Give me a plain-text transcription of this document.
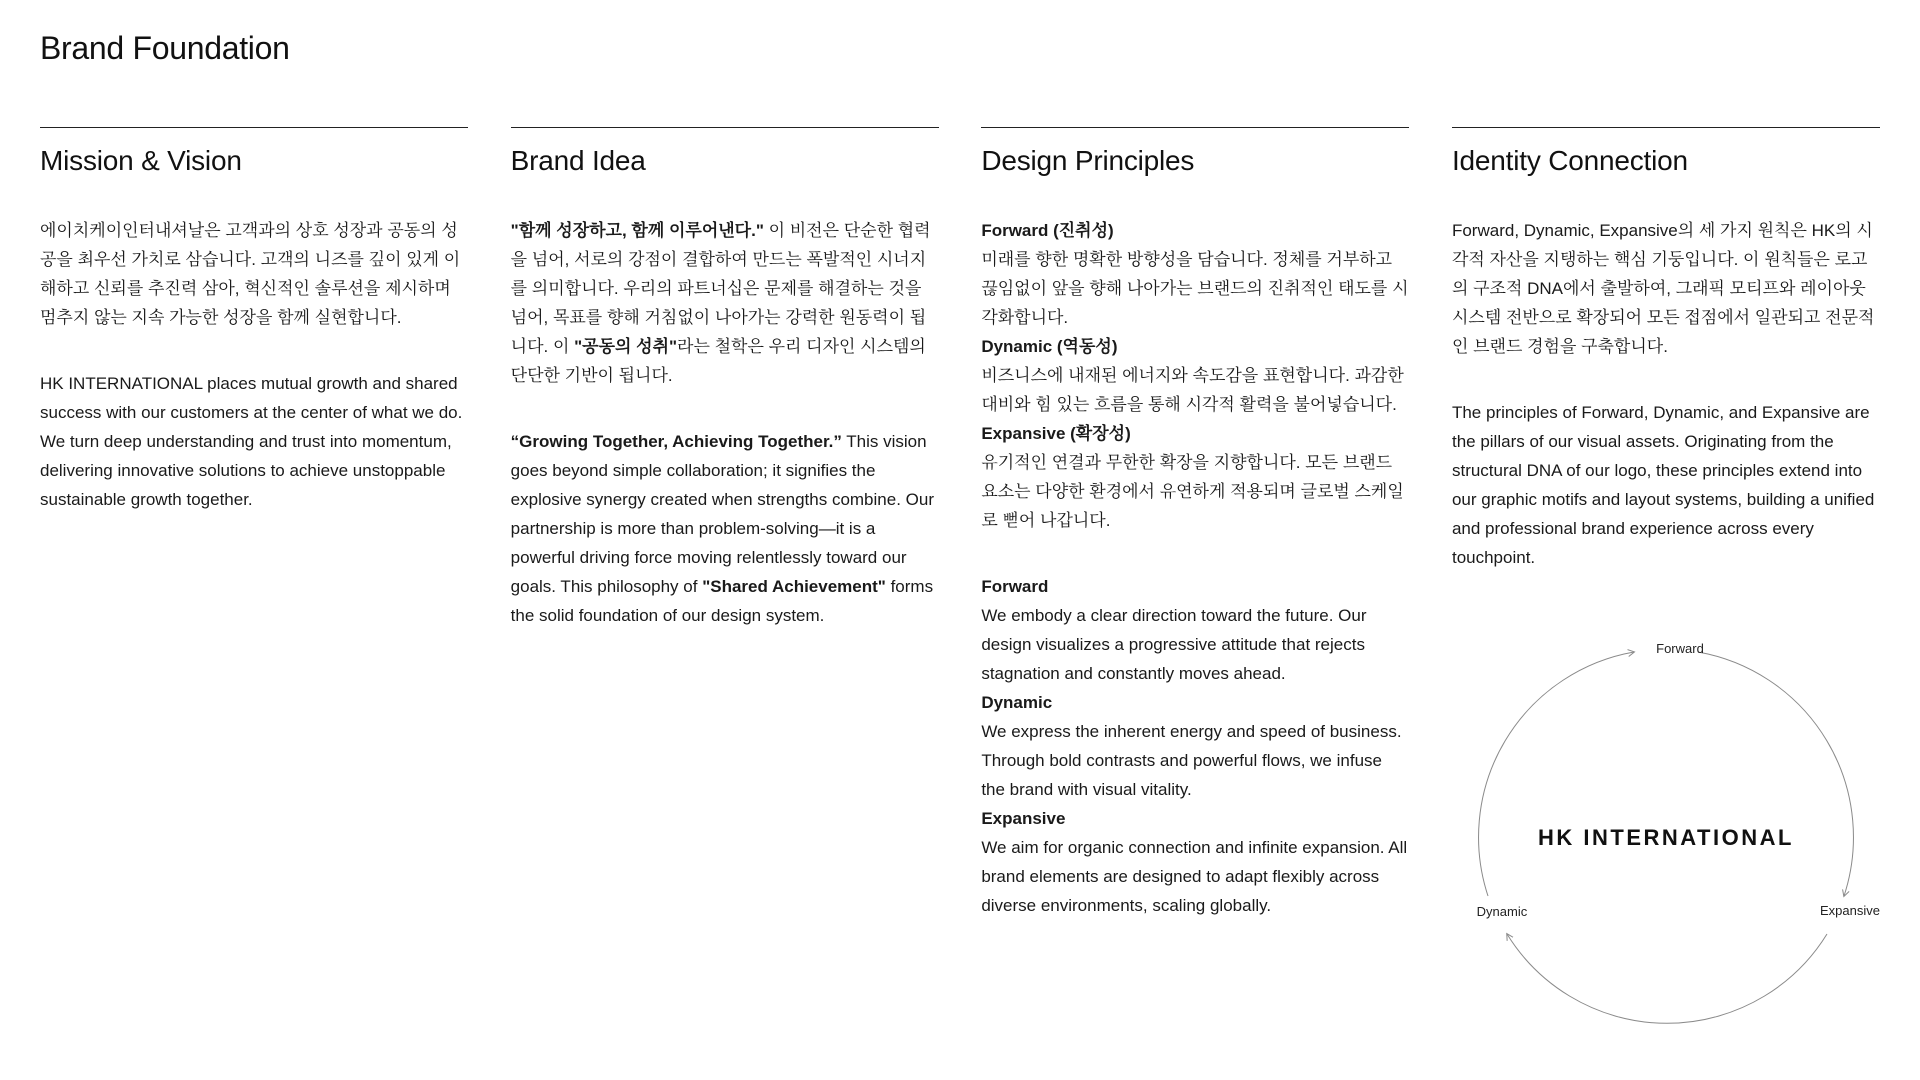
Brand Foundation
Mission & Vision

에이치케이인터내셔날은 고객과의 상호 성장과 공동의 성공을 최우선 가치로 삼습니다. 고객의 니즈를 깊이 있게 이해하고 신뢰를 추진력 삼아, 혁신적인 솔루션을 제시하며 멈추지 않는 지속 가능한 성장을 함께 실현합니다.

HK INTERNATIONAL places mutual growth and shared success with our customers at the center of what we do. We turn deep understanding and trust into momentum, delivering innovative solutions to achieve unstoppable sustainable growth together.

Brand Idea

"함께 성장하고, 함께 이루어낸다." 이 비전은 단순한 협력을 넘어, 서로의 강점이 결합하여 만드는 폭발적인 시너지를 의미합니다. 우리의 파트너십은 문제를 해결하는 것을 넘어, 목표를 향해 거침없이 나아가는 강력한 원동력이 됩니다. 이 "공동의 성취"라는 철학은 우리 디자인 시스템의 단단한 기반이 됩니다.

“Growing Together, Achieving Together.” This vision goes beyond simple collaboration; it signifies the explosive synergy created when strengths combine. Our partnership is more than problem-solving—it is a powerful driving force moving relentlessly toward our goals. This philosophy of "Shared Achievement" forms the solid foundation of our design system.

Design Principles

Forward (진취성)

미래를 향한 명확한 방향성을 담습니다. 정체를 거부하고 끊임없이 앞을 향해 나아가는 브랜드의 진취적인 태도를 시각화합니다.

Dynamic (역동성)

비즈니스에 내재된 에너지와 속도감을 표현합니다. 과감한 대비와 힘 있는 흐름을 통해 시각적 활력을 불어넣습니다.

Expansive (확장성)

유기적인 연결과 무한한 확장을 지향합니다. 모든 브랜드 요소는 다양한 환경에서 유연하게 적용되며 글로벌 스케일로 뻗어 나갑니다.

Forward

We embody a clear direction toward the future. Our design visualizes a progressive attitude that rejects stagnation and constantly moves ahead.

Dynamic

We express the inherent energy and speed of business. Through bold contrasts and powerful flows, we infuse the brand with visual vitality.

Expansive

We aim for organic connection and infinite expansion. All brand elements are designed to adapt flexibly across diverse environments, scaling globally.

Identity Connection

Forward, Dynamic, Expansive의 세 가지 원칙은 HK의 시각적 자산을 지탱하는 핵심 기둥입니다. 이 원칙들은 로고의 구조적 DNA에서 출발하여, 그래픽 모티프와 레이아웃 시스템 전반으로 확장되어 모든 접점에서 일관되고 전문적인 브랜드 경험을 구축합니다.

The principles of Forward, Dynamic, and Expansive are the pillars of our visual assets. Originating from the structural DNA of our logo, these principles extend into our graphic motifs and layout systems, building a unified and professional brand experience across every touchpoint.

Forward
Expansive
Dynamic
HK INTERNATIONAL
